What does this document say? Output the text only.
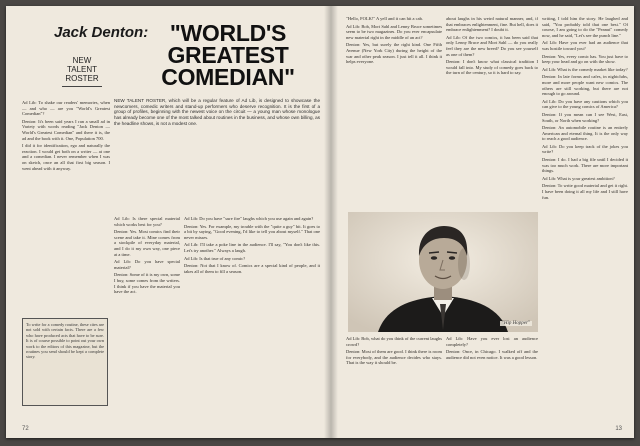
Jack Denton: "WORLD'S GREATEST COMEDIAN"
NEW TALENT ROSTER
NEW TALENT ROSTER, which will be a regular feature of Ad Lib, is designed to showcase the newcomers, comedic writers and stand-up performers who deserve recognition. It is the first of a group of profiles, beginning with the newest voice on the circuit — a young man whose monologue has already become one of the most talked about routines in the business, and whose own billing, as the headline shows, is not a modest one.

Ad Lib: To shake our readers' memories, when — and who — are you "World's Greatest Comedian"?

Denton: It's been said years I ran a small ad in Variety with words reading "Jack Denton — World's Greatest Comedian" and there it is, the ad and the book with it. One, Population 700.

I did it for identification, ego and naturally the reaction. I would get both on a writer — at one and a comedian. I never remember when I was on sketch, once an all that first big season. I went ahead with it anyway.

Ad Lib: Is there special material which works best for you?

Denton: Yes. Most comics find their scene and take it. Mine comes from a stockpile of everyday material, and I do it my own way, one piece at a time.

Ad Lib: Do you have special material?

Denton: Some of it is my own, some I buy, some comes from the writers. I think if you have the material you have the act.

Ad Lib: Do you have "sure fire" laughs which you use again and again?

Denton: Yes. For example, my trouble with the "quite a guy" bit. It goes to a bit by saying, "Good evening, I'd like to tell you about myself." That one never misses.

Ad Lib: I'll take a poke line in the audience. I'll say, "You don't like this. Let's try another." Always a laugh.

Ad Lib: Is that true of any comic?

Denton: Not that I know of. Comics are a special kind of people, and it takes all of them to fill a season.

To write for a comedy routine, these cites are not sold with certain facts. There are a few who have produced acts that have to be sure. It is of course possible to point out your own work to the editors of this magazine, but the routines you send should be kept a complete story.
72

"Hello, FOLK!" A yell and it can hit a cab.

Ad Lib: Bob, Mort Sahl and Lenny Bruce sometimes seem to be two magazines. Do you ever encapsulate new material right in the middle of an act?

Denton: Yes, but surely the right kind. One Fifth Avenue (New York City) during the height of the war and other peak season. I just tell it all. I think it helps everyone.

about laughs in his weird natural manner, and, if that embraces enlightenment, fine. But hell, does it embrace enlightenment? I doubt it.

Ad Lib: Of the two comics, it has been said that only Lenny Bruce and Mort Sahl — do you really feel they are the new breed? Do you see yourself as one of them?

Denton: I don't know what classical tradition I would fall into. My study of comedy goes back to the turn of the century, so it is hard to say.

writing, I told him the story. He laughed and said, "You probably told that one best." Of course, I am going to do the "Peanut" comedy now, and he said, "Let's see the punch line."

Ad Lib: Have you ever had an audience that was hostile toward you?

Denton: Yes, every comic has. You just have to keep your head and go on with the show.

Ad Lib: What is the comedy market like today?

Denton: In late forms and cafes, in nightclubs, more and more people want new comics. The others are still working, but there are not enough to go around.

Ad Lib: Do you have any cautions which you can give to the young comics of America?

Denton: If you mean can I see West, East, South, or North when working?

Denton: An automobile routine is an entirely American and eternal thing. It is the only way to reach a good audience.

Ad Lib: Do you keep track of the jokes you write?

Denton: I do. I had a big file until I decided it was too much work. There are more important things.

Ad Lib: What is your greatest ambition?

Denton: To write good material and get it right. I have been doing it all my life and I still have fun.

"Hip Hopper"

Ad Lib: Bob, what do you think of the current laughs crowd?

Denton: Most of them are good. I think there is room for everybody, and the audience decides who stays. That is the way it should be.

Ad Lib: Have you ever lost an audience completely?

Denton: Once, in Chicago. I walked off and the audience did not even notice. It was a good lesson.

13
